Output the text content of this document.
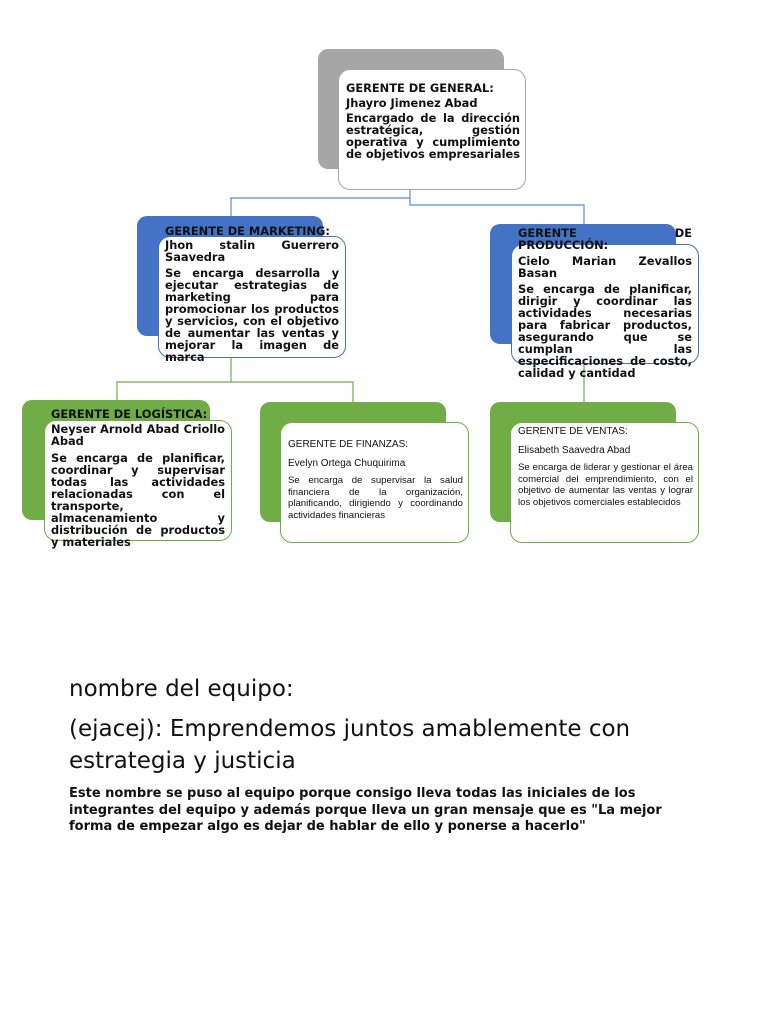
GERENTE DE GENERAL:

Jhayro Jimenez Abad

Encargado de la dirección estratégica, gestión operativa y cumplimiento de objetivos empresariales

GERENTE DE MARKETING:

Jhon stalin Guerrero Saavedra

Se encarga desarrolla y ejecutar estrategias de marketing para promocionar los productos y servicios, con el objetivo de aumentar las ventas y mejorar la imagen de marca

GERENTE DE PRODUCCIÓN:

Cielo Marian Zevallos Basan

Se encarga de planificar, dirigir y coordinar las actividades necesarias para fabricar productos, asegurando que se cumplan las especificaciones de costo, calidad y cantidad

GERENTE DE LOGÍSTICA:

Neyser Arnold Abad Criollo Abad

Se encarga de planificar, coordinar y supervisar todas las actividades relacionadas con el transporte, almacenamiento y distribución de productos y materiales

GERENTE DE FINANZAS:

Evelyn Ortega Chuquirima

Se encarga de supervisar la salud financiera de la organización, planificando, dirigiendo y coordinando actividades financieras

GERENTE DE VENTAS:

Elisabeth Saavedra Abad

Se encarga de liderar y gestionar el área comercial del emprendimiento, con el objetivo de aumentar las ventas y lograr los objetivos comerciales establecidos

nombre del equipo:
(ejacej): Emprendemos juntos amablemente con estrategia y justicia
Este nombre se puso al equipo porque consigo lleva todas las iniciales de los integrantes del equipo y además porque lleva un gran mensaje que es "La mejor forma de empezar algo es dejar de hablar de ello y ponerse a hacerlo"
